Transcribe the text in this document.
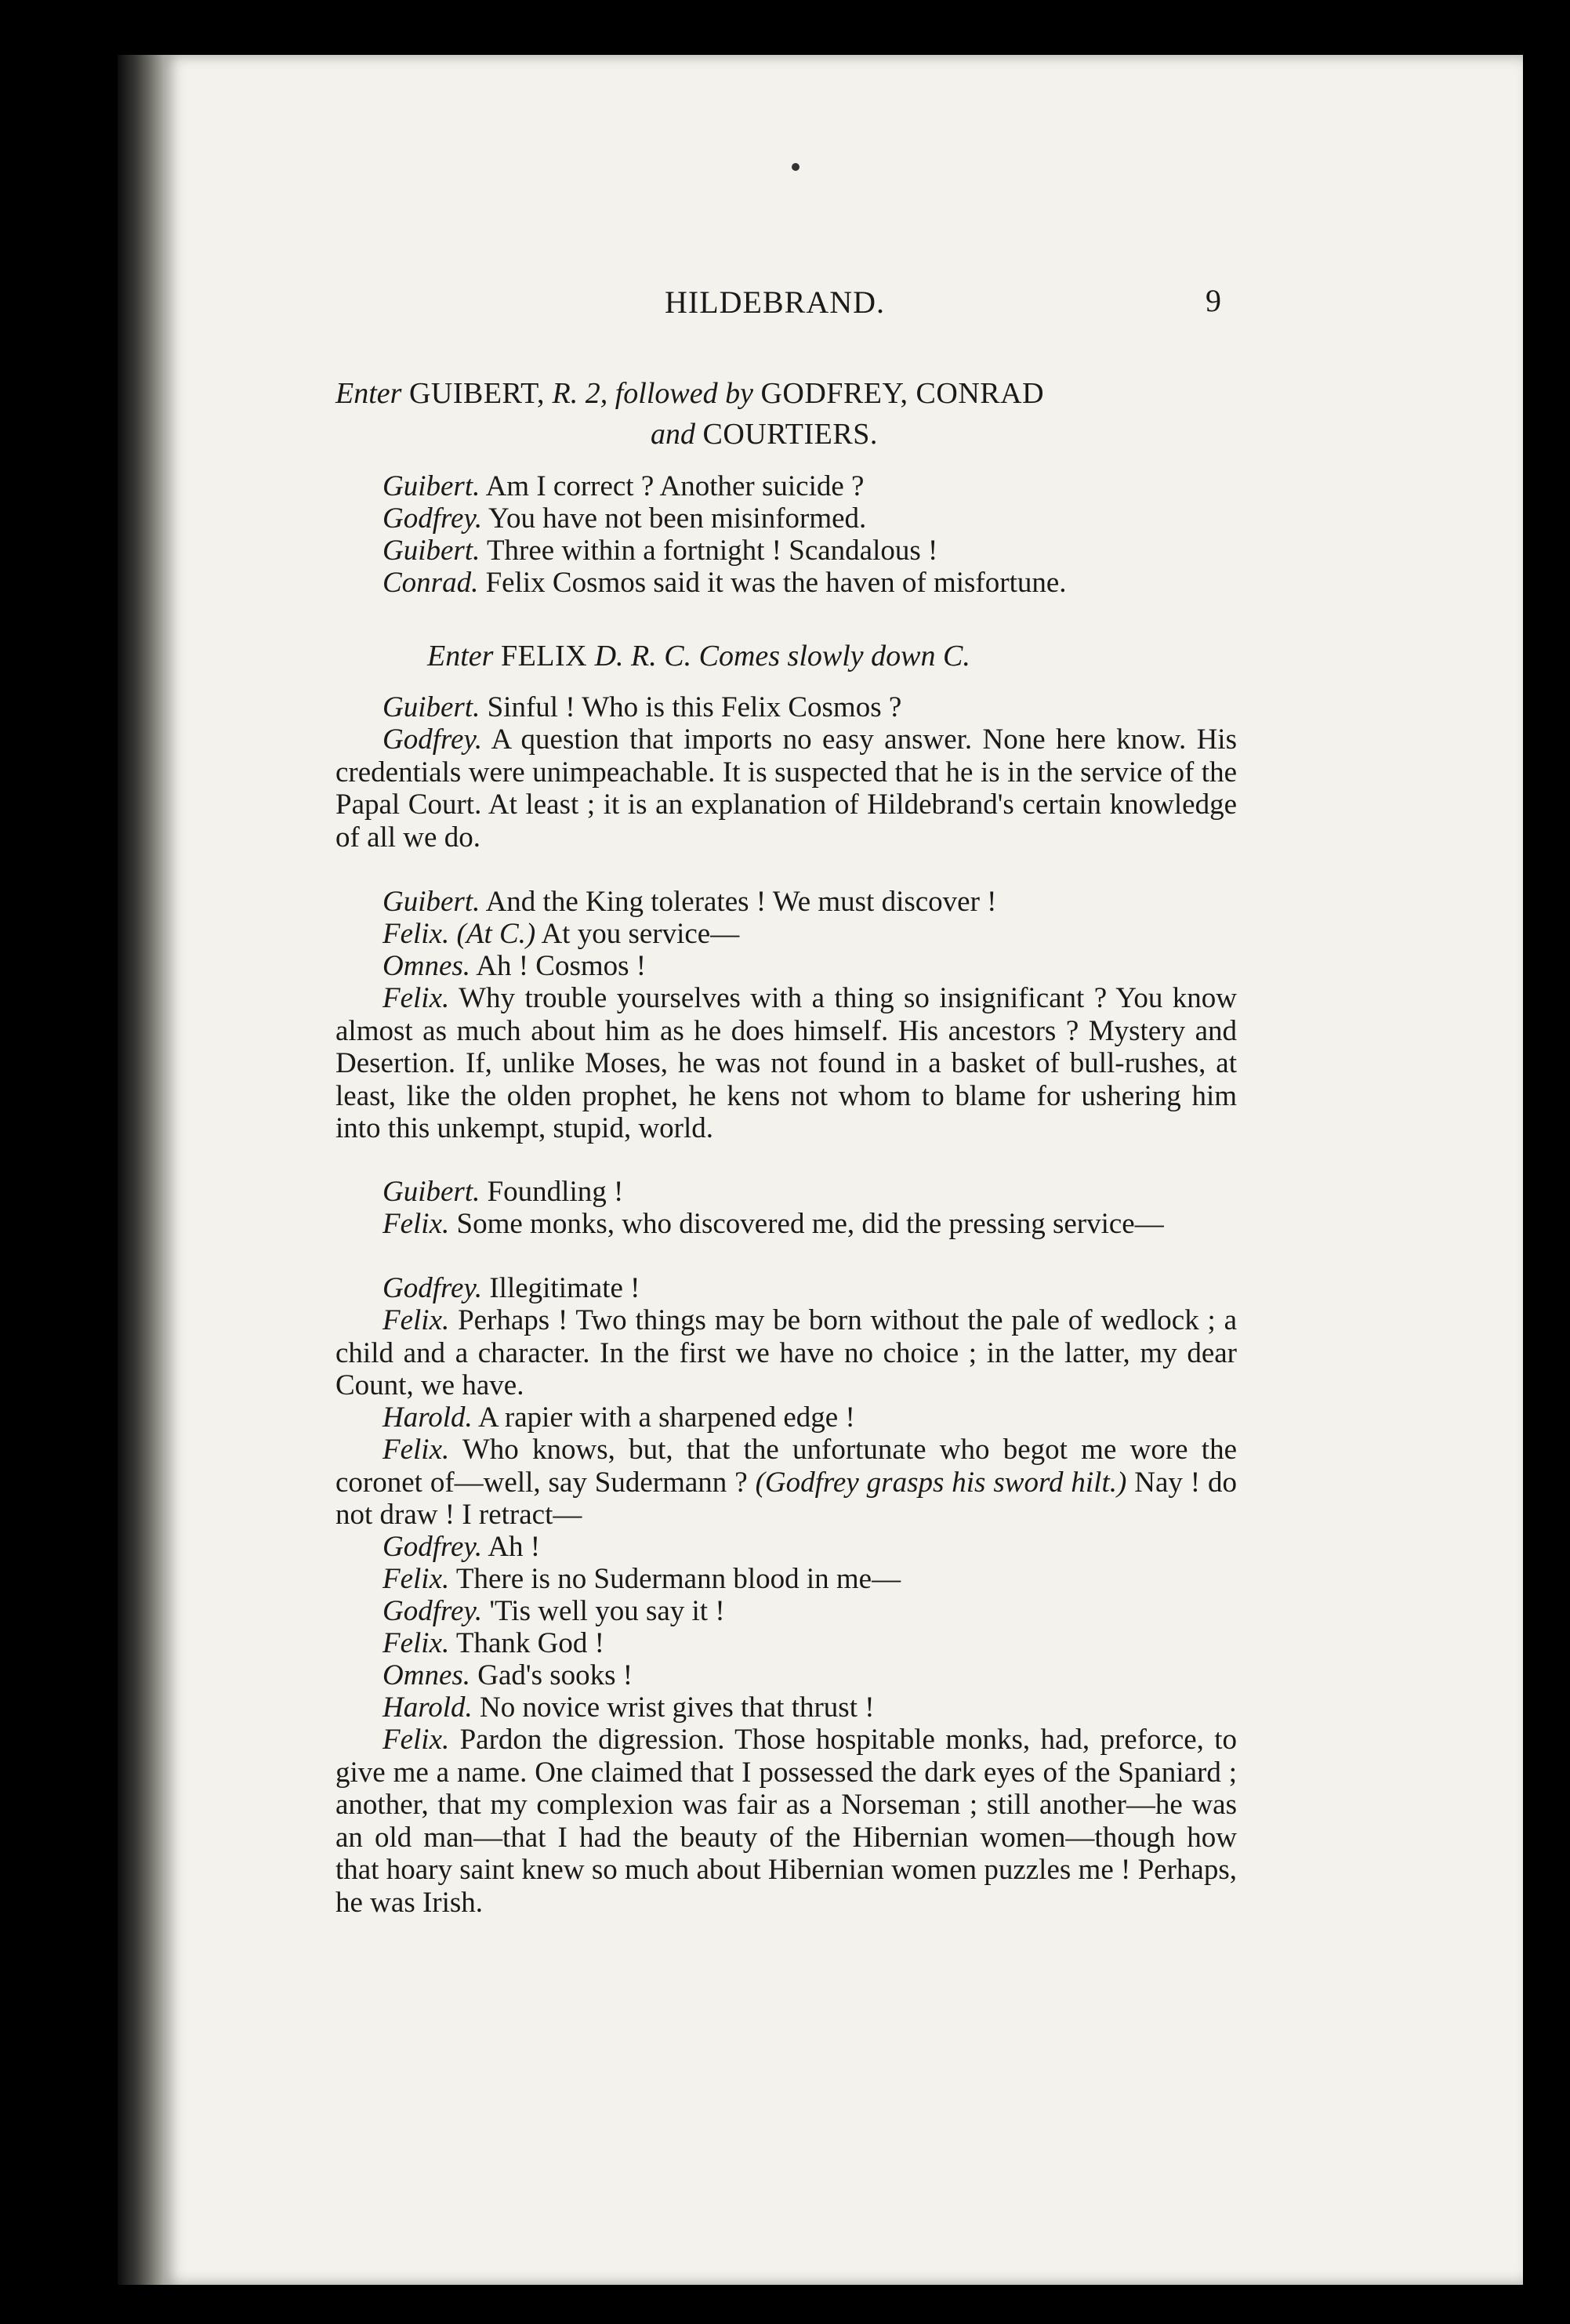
HILDEBRAND.	9
Enter GUIBERT, R. 2, followed by GODFREY, CONRAD
and COURTIERS.
Guibert. Am I correct ? Another suicide ?
Godfrey. You have not been misinformed.
Guibert. Three within a fortnight ! Scandalous !
Conrad. Felix Cosmos said it was the haven of misfortune.
Enter FELIX D. R. C. Comes slowly down C.
Guibert. Sinful ! Who is this Felix Cosmos ?
Godfrey. A question that imports no easy answer. None here know. His credentials were unimpeachable. It is suspected that he is in the service of the Papal Court. At least ; it is an explanation of Hildebrand's certain knowledge of all we do.
Guibert. And the King tolerates ! We must discover !
Felix. (At C.) At you service—
Omnes. Ah ! Cosmos !
Felix. Why trouble yourselves with a thing so insignificant ? You know almost as much about him as he does himself. His ancestors ? Mystery and Desertion. If, unlike Moses, he was not found in a basket of bull-rushes, at least, like the olden prophet, he kens not whom to blame for ushering him into this unkempt, stupid, world.
Guibert. Foundling !
Felix. Some monks, who discovered me, did the pressing service—
Godfrey. Illegitimate !
Felix. Perhaps ! Two things may be born without the pale of wedlock ; a child and a character. In the first we have no choice ; in the latter, my dear Count, we have.
Harold. A rapier with a sharpened edge !
Felix. Who knows, but, that the unfortunate who begot me wore the coronet of—well, say Sudermann ? (Godfrey grasps his sword hilt.) Nay ! do not draw ! I retract—
Godfrey. Ah !
Felix. There is no Sudermann blood in me—
Godfrey. 'Tis well you say it !
Felix. Thank God !
Omnes. Gad's sooks !
Harold. No novice wrist gives that thrust !
Felix. Pardon the digression. Those hospitable monks, had, preforce, to give me a name. One claimed that I possessed the dark eyes of the Spaniard ; another, that my complexion was fair as a Norseman ; still another—he was an old man—that I had the beauty of the Hibernian women—though how that hoary saint knew so much about Hibernian women puzzles me ! Perhaps, he was Irish.
